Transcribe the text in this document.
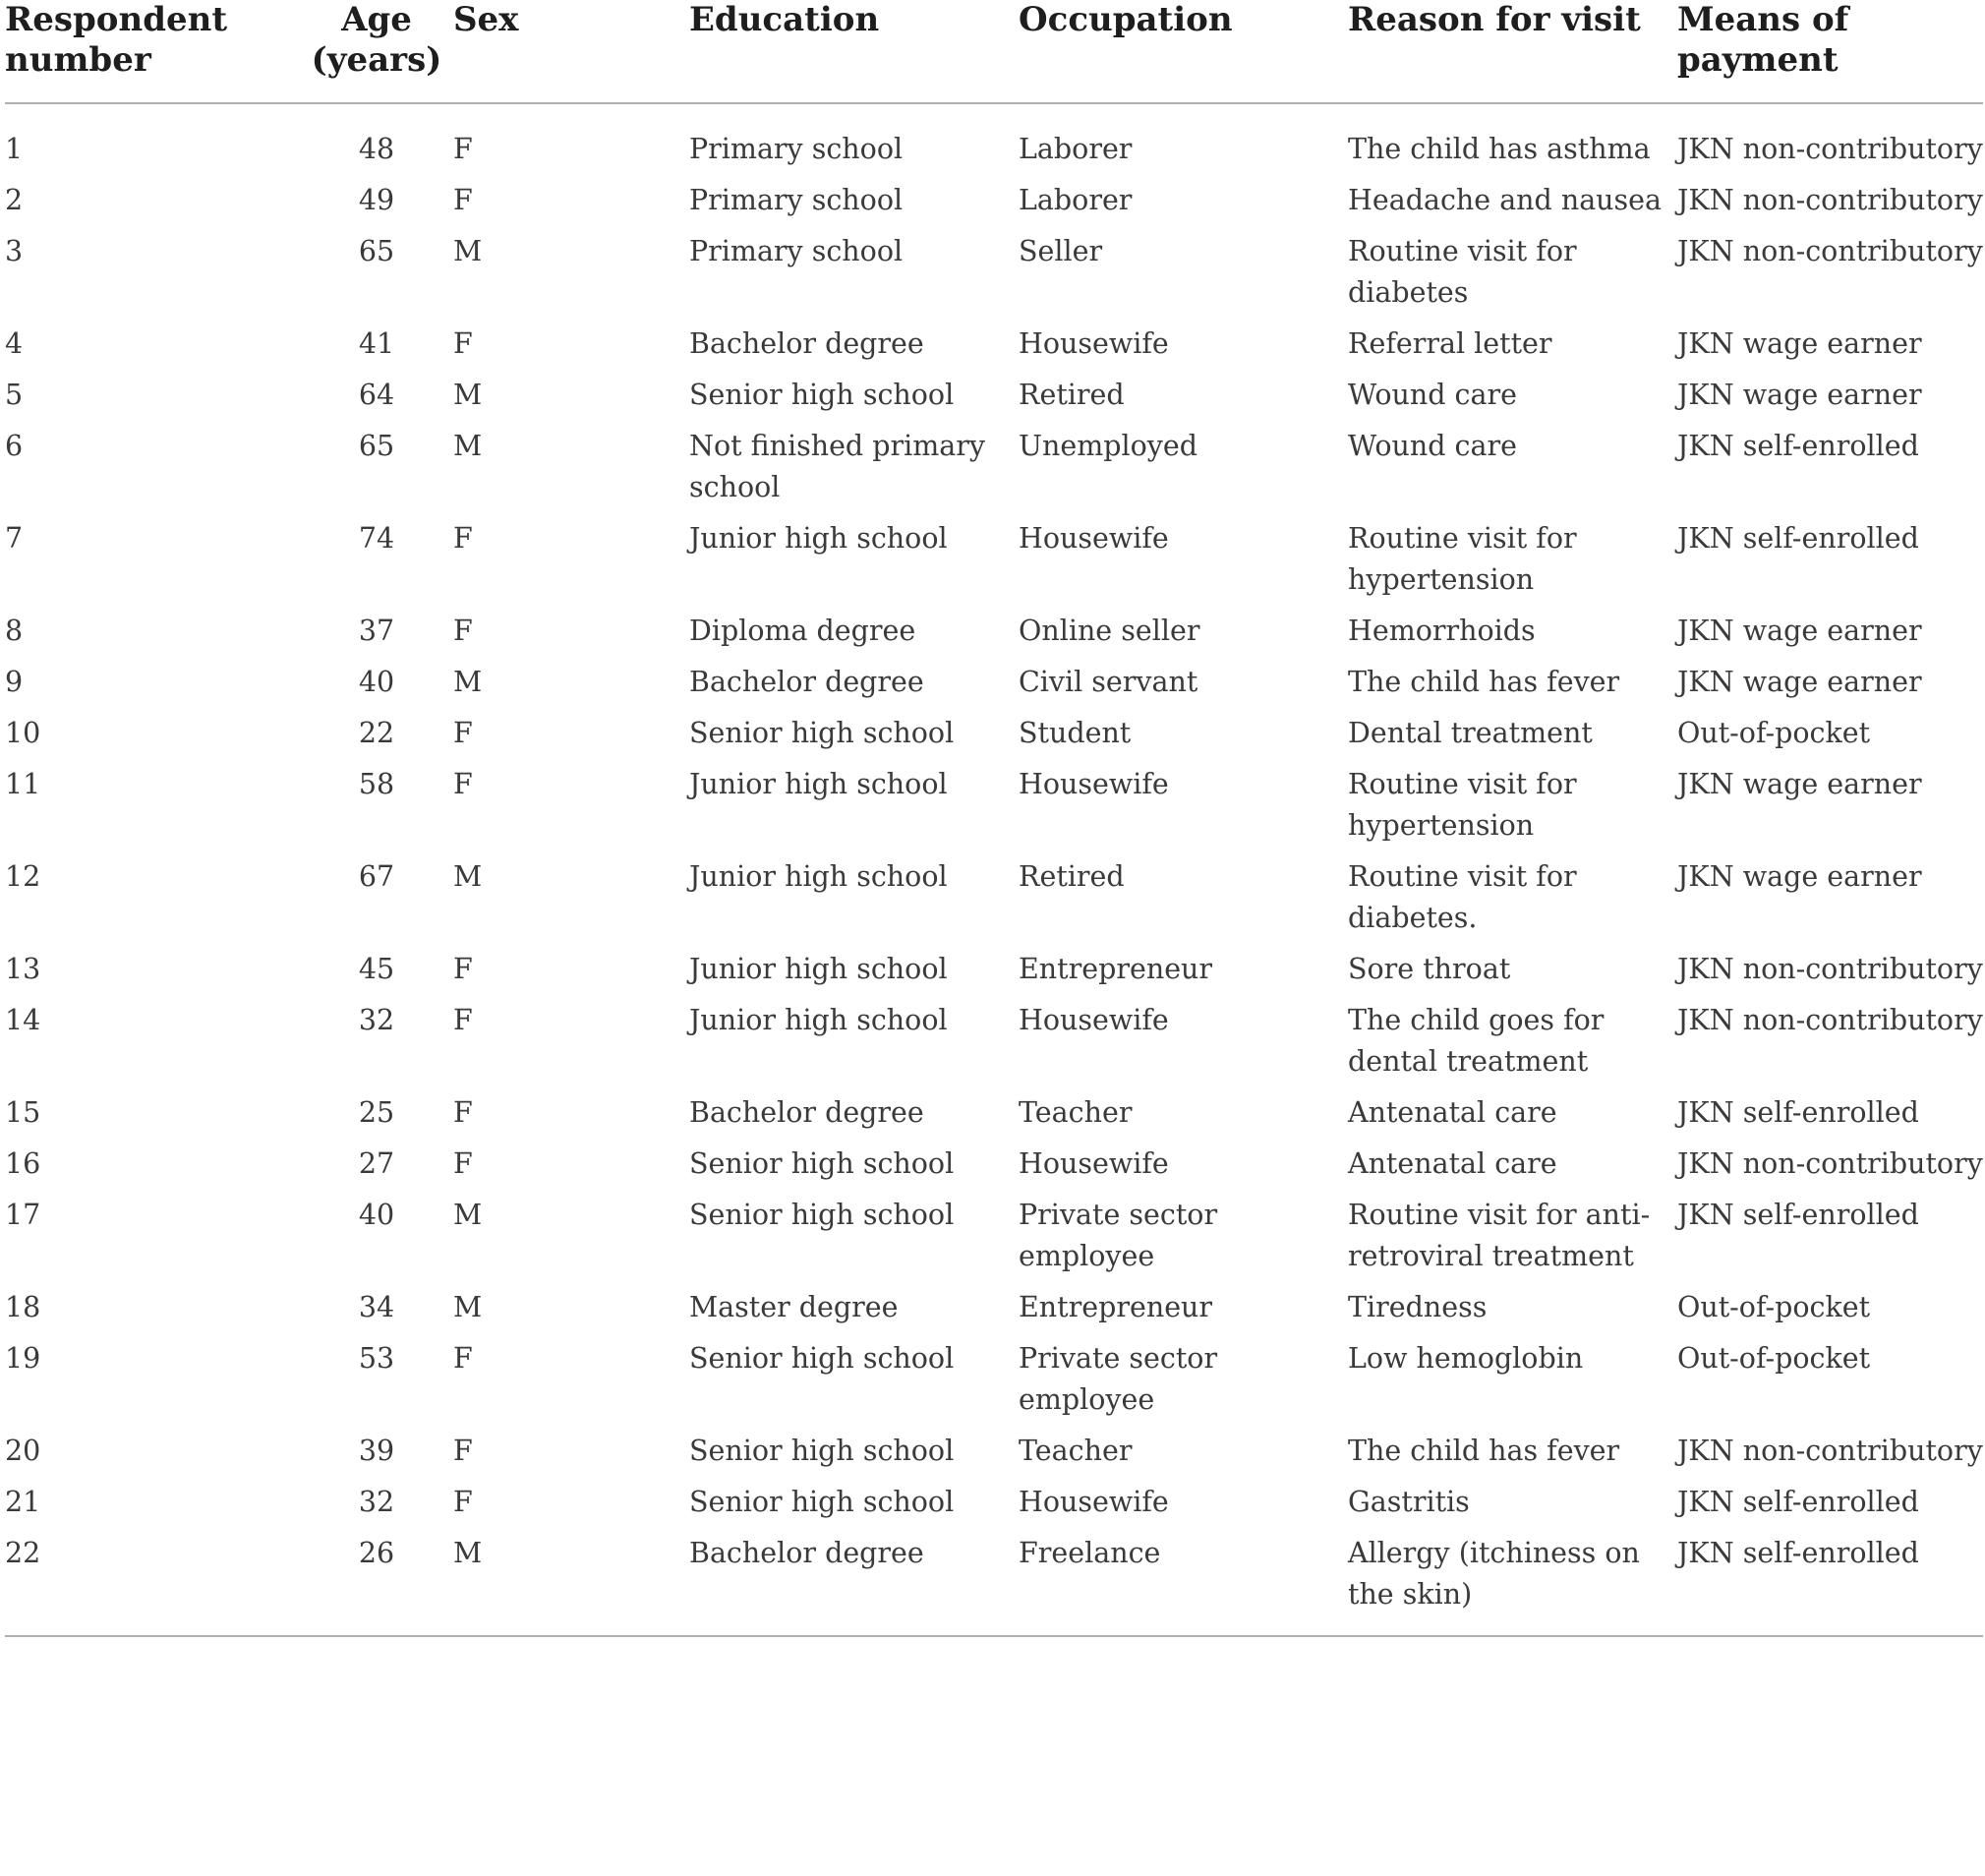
Respondent number	Age (years)	Sex	Education	Occupation	Reason for visit	Means of payment
1	48	F	Primary school	Laborer	The child has asthma	JKN non-contributory
2	49	F	Primary school	Laborer	Headache and nausea	JKN non-contributory
3	65	M	Primary school	Seller	Routine visit for diabetes	JKN non-contributory
4	41	F	Bachelor degree	Housewife	Referral letter	JKN wage earner
5	64	M	Senior high school	Retired	Wound care	JKN wage earner
6	65	M	Not finished primary school	Unemployed	Wound care	JKN self-enrolled
7	74	F	Junior high school	Housewife	Routine visit for hypertension	JKN self-enrolled
8	37	F	Diploma degree	Online seller	Hemorrhoids	JKN wage earner
9	40	M	Bachelor degree	Civil servant	The child has fever	JKN wage earner
10	22	F	Senior high school	Student	Dental treatment	Out-of-pocket
11	58	F	Junior high school	Housewife	Routine visit for hypertension	JKN wage earner
12	67	M	Junior high school	Retired	Routine visit for diabetes.	JKN wage earner
13	45	F	Junior high school	Entrepreneur	Sore throat	JKN non-contributory
14	32	F	Junior high school	Housewife	The child goes for dental treatment	JKN non-contributory
15	25	F	Bachelor degree	Teacher	Antenatal care	JKN self-enrolled
16	27	F	Senior high school	Housewife	Antenatal care	JKN non-contributory
17	40	M	Senior high school	Private sector employee	Routine visit for anti-retroviral treatment	JKN self-enrolled
18	34	M	Master degree	Entrepreneur	Tiredness	Out-of-pocket
19	53	F	Senior high school	Private sector employee	Low hemoglobin	Out-of-pocket
20	39	F	Senior high school	Teacher	The child has fever	JKN non-contributory
21	32	F	Senior high school	Housewife	Gastritis	JKN self-enrolled
22	26	M	Bachelor degree	Freelance	Allergy (itchiness on the skin)	JKN self-enrolled
